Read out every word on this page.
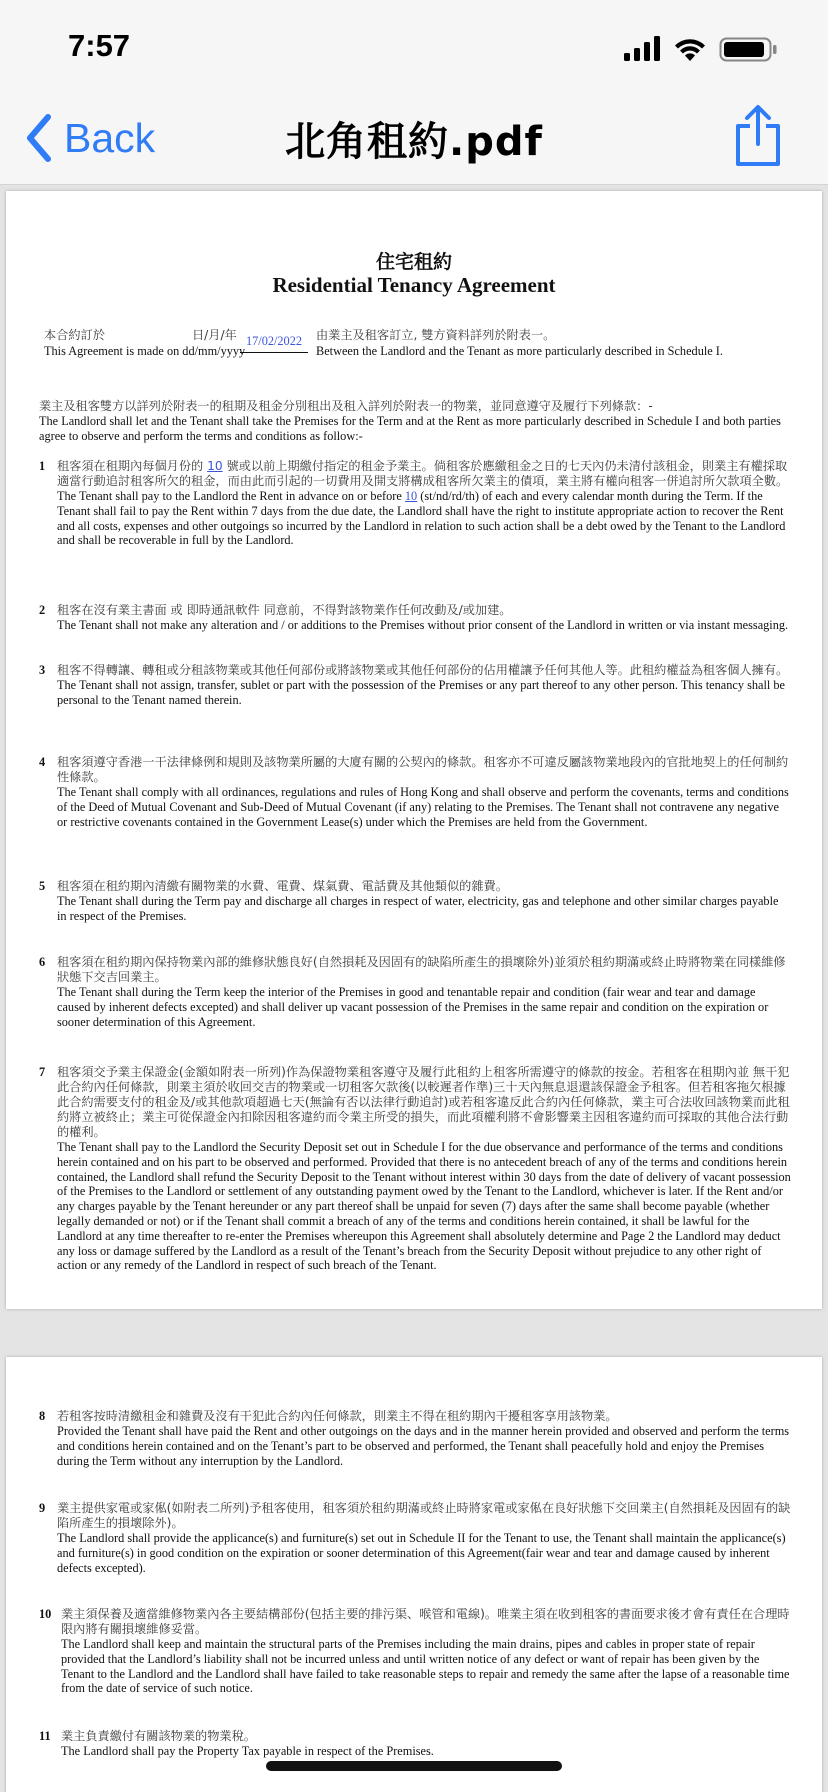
7:57
Back	北角租約.pdf
住宅租約
Residential Tenancy Agreement
本合約訂於	日/月/年
This Agreement is made on dd/mm/yyyy
17/02/2022	由業主及租客訂立, 雙方資料詳列於附表一。
Between the Landlord and the Tenant as more particularly described in Schedule I.

業主及租客雙方以詳列於附表一的租期及租金分別租出及租入詳列於附表一的物業，並同意遵守及履行下列條款：-

The Landlord shall let and the Tenant shall take the Premises for the Term and at the Rent as more particularly described in Schedule I and both parties agree to observe and perform the terms and conditions as follow:-

1 租客須在租期內每個月份的 10 號或以前上期繳付指定的租金予業主。倘租客於應繳租金之日的七天內仍未清付該租金，則業主有權採取適當行動追討租客所欠的租金，而由此而引起的一切費用及開支將構成租客所欠業主的債項，業主將有權向租客一併追討所欠款項全數。

The Tenant shall pay to the Landlord the Rent in advance on or before 10 (st/nd/rd/th) of each and every calendar month during the Term. If the Tenant shall fail to pay the Rent within 7 days from the due date, the Landlord shall have the right to institute appropriate action to recover the Rent and all costs, expenses and other outgoings so incurred by the Landlord in relation to such action shall be a debt owed by the Tenant to the Landlord and shall be recoverable in full by the Landlord.

2 租客在沒有業主書面 或 即時通訊軟件 同意前，不得對該物業作任何改動及/或加建。

The Tenant shall not make any alteration and / or additions to the Premises without prior consent of the Landlord in written or via instant messaging.

3 租客不得轉讓、轉租或分租該物業或其他任何部份或將該物業或其他任何部份的佔用權讓予任何其他人等。此租約權益為租客個人擁有。

The Tenant shall not assign, transfer, sublet or part with the possession of the Premises or any part thereof to any other person. This tenancy shall be personal to the Tenant named therein.

4 租客須遵守香港一干法律條例和規則及該物業所屬的大廈有關的公契內的條款。租客亦不可違反屬該物業地段內的官批地契上的任何制約性條款。

The Tenant shall comply with all ordinances, regulations and rules of Hong Kong and shall observe and perform the covenants, terms and conditions of the Deed of Mutual Covenant and Sub-Deed of Mutual Covenant (if any) relating to the Premises. The Tenant shall not contravene any negative or restrictive covenants contained in the Government Lease(s) under which the Premises are held from the Government.

5 租客須在租約期內清繳有關物業的水費、電費、煤氣費、電話費及其他類似的雜費。

The Tenant shall during the Term pay and discharge all charges in respect of water, electricity, gas and telephone and other similar charges payable in respect of the Premises.

6 租客須在租約期內保持物業內部的維修狀態良好(自然損耗及因固有的缺陷所產生的損壞除外)並須於租約期滿或終止時將物業在同樣維修狀態下交吉回業主。

The Tenant shall during the Term keep the interior of the Premises in good and tenantable repair and condition (fair wear and tear and damage caused by inherent defects excepted) and shall deliver up vacant possession of the Premises in the same repair and condition on the expiration or sooner determination of this Agreement.

7 租客須交予業主保證金(金額如附表一所列)作為保證物業租客遵守及履行此租約上租客所需遵守的條款的按金。若租客在租期內並 無干犯此合約內任何條款，則業主須於收回交吉的物業或一切租客欠款後(以較遲者作準)三十天內無息退還該保證金予租客。但若租客拖欠根據此合約需要支付的租金及/或其他款項超過七天(無論有否以法律行動追討)或若租客違反此合約內任何條款，業主可合法收回該物業而此租約將立被終止；業主可從保證金內扣除因租客違約而令業主所受的損失，而此項權利將不會影響業主因租客違約而可採取的其他合法行動的權利。

The Tenant shall pay to the Landlord the Security Deposit set out in Schedule I for the due observance and performance of the terms and conditions herein contained and on his part to be observed and performed. Provided that there is no antecedent breach of any of the terms and conditions herein contained, the Landlord shall refund the Security Deposit to the Tenant without interest within 30 days from the date of delivery of vacant possession of the Premises to the Landlord or settlement of any outstanding payment owed by the Tenant to the Landlord, whichever is later. If the Rent and/or any charges payable by the Tenant hereunder or any part thereof shall be unpaid for seven (7) days after the same shall become payable (whether legally demanded or not) or if the Tenant shall commit a breach of any of the terms and conditions herein contained, it shall be lawful for the Landlord at any time thereafter to re-enter the Premises whereupon this Agreement shall absolutely determine and Page 2 the Landlord may deduct any loss or damage suffered by the Landlord as a result of the Tenant’s breach from the Security Deposit without prejudice to any other right of action or any remedy of the Landlord in respect of such breach of the Tenant.

8 若租客按時清繳租金和雜費及沒有干犯此合約內任何條款，則業主不得在租約期內干擾租客享用該物業。

Provided the Tenant shall have paid the Rent and other outgoings on the days and in the manner herein provided and observed and perform the terms and conditions herein contained and on the Tenant’s part to be observed and performed, the Tenant shall peacefully hold and enjoy the Premises during the Term without any interruption by the Landlord.

9 業主提供家電或家俬(如附表二所列)予租客使用，租客須於租約期滿或終止時將家電或家俬在良好狀態下交回業主(自然損耗及因固有的缺陷所產生的損壞除外)。

The Landlord shall provide the applicance(s) and furniture(s) set out in Schedule II for the Tenant to use, the Tenant shall maintain the applicance(s) and furniture(s) in good condition on the expiration or sooner determination of this Agreement(fair wear and tear and damage caused by inherent defects excepted).

10 業主須保養及適當維修物業內各主要結構部份(包括主要的排污渠、喉管和電線)。唯業主須在收到租客的書面要求後才會有責任在合理時限內將有關損壞維修妥當。

The Landlord shall keep and maintain the structural parts of the Premises including the main drains, pipes and cables in proper state of repair provided that the Landlord’s liability shall not be incurred unless and until written notice of any defect or want of repair has been given by the Tenant to the Landlord and the Landlord shall have failed to take reasonable steps to repair and remedy the same after the lapse of a reasonable time from the date of service of such notice.

11 業主負責繳付有關該物業的物業稅。

The Landlord shall pay the Property Tax payable in respect of the Premises.
